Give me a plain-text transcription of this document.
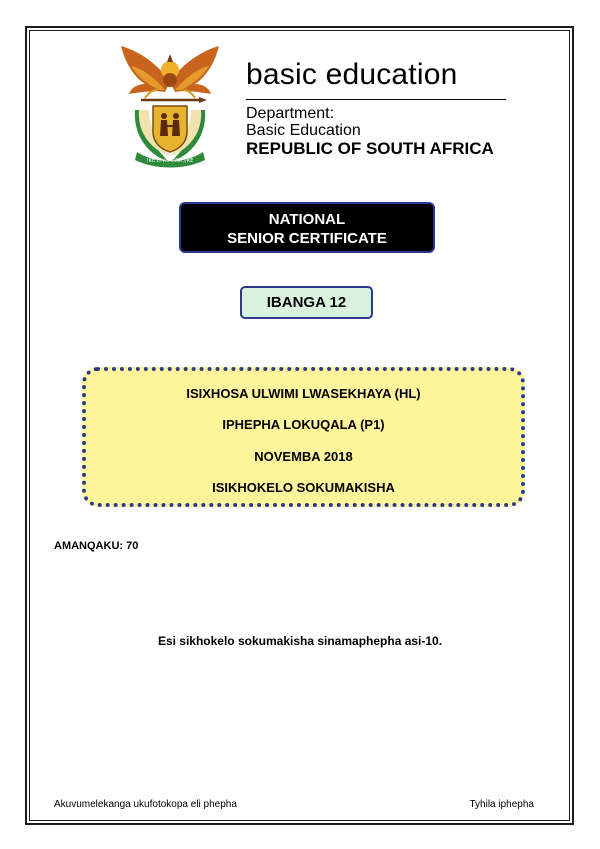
!KE E: /XARRA //KE
basic education
Department:
Basic Education
REPUBLIC OF SOUTH AFRICA
NATIONAL
SENIOR CERTIFICATE
IBANGA 12
ISIXHOSA ULWIMI LWASEKHAYA (HL)
IPHEPHA LOKUQALA (P1)
NOVEMBA 2018
ISIKHOKELO SOKUMAKISHA
AMANQAKU: 70
Esi sikhokelo sokumakisha sinamaphepha asi-10.
Akuvumelekanga ukufotokopa eli phepha	Tyhila iphepha
